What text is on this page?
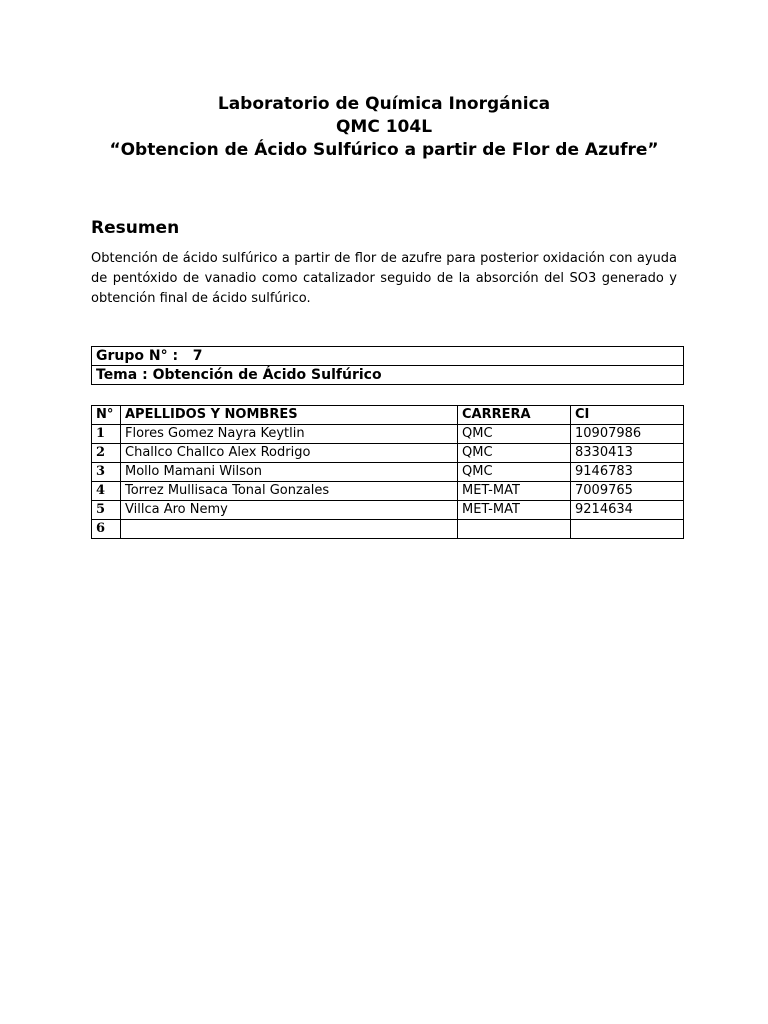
Laboratorio de Química Inorgánica
QMC 104L
“Obtencion de Ácido Sulfúrico a partir de Flor de Azufre”
Resumen
Obtención de ácido sulfúrico a partir de flor de azufre para posterior oxidación con ayuda de pentóxido de vanadio como catalizador seguido de la absorción del SO3 generado y obtención final de ácido sulfúrico.
Grupo N° : 7
Tema : Obtención de Ácido Sulfúrico
N°	APELLIDOS Y NOMBRES	CARRERA	CI
1	Flores Gomez Nayra Keytlin	QMC	10907986
2	Challco Challco Alex Rodrigo	QMC	8330413
3	Mollo Mamani Wilson	QMC	9146783
4	Torrez Mullisaca Tonal Gonzales	MET-MAT	7009765
5	Villca Aro Nemy	MET-MAT	9214634
6			
